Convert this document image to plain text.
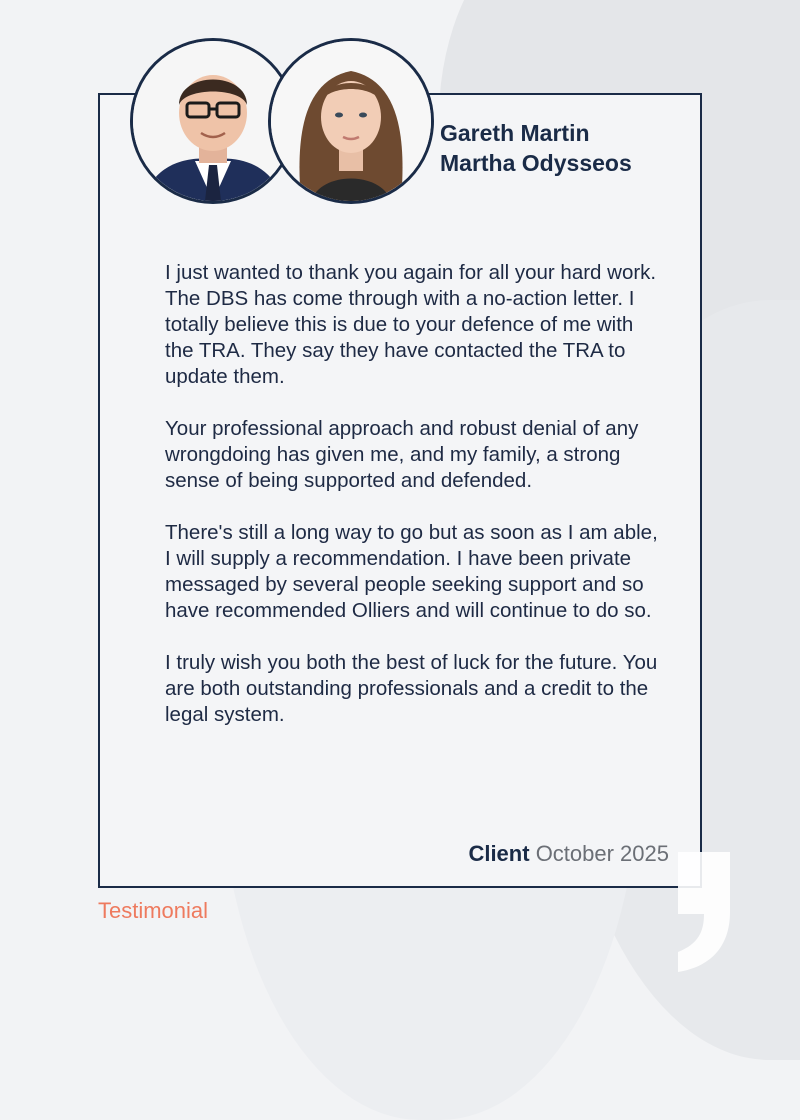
Gareth Martin
Martha Odysseos

I just wanted to thank you again for all your hard work. The DBS has come through with a no-action letter. I totally believe this is due to your defence of me with the TRA. They say they have contacted the TRA to update them.

Your professional approach and robust denial of any wrongdoing has given me, and my family, a strong sense of being supported and defended.

There's still a long way to go but as soon as I am able, I will supply a recommendation. I have been private messaged by several people seeking support and so have recommended Olliers and will continue to do so.

I truly wish you both the best of luck for the future. You are both outstanding professionals and a credit to the legal system.

Client October 2025
Testimonial
